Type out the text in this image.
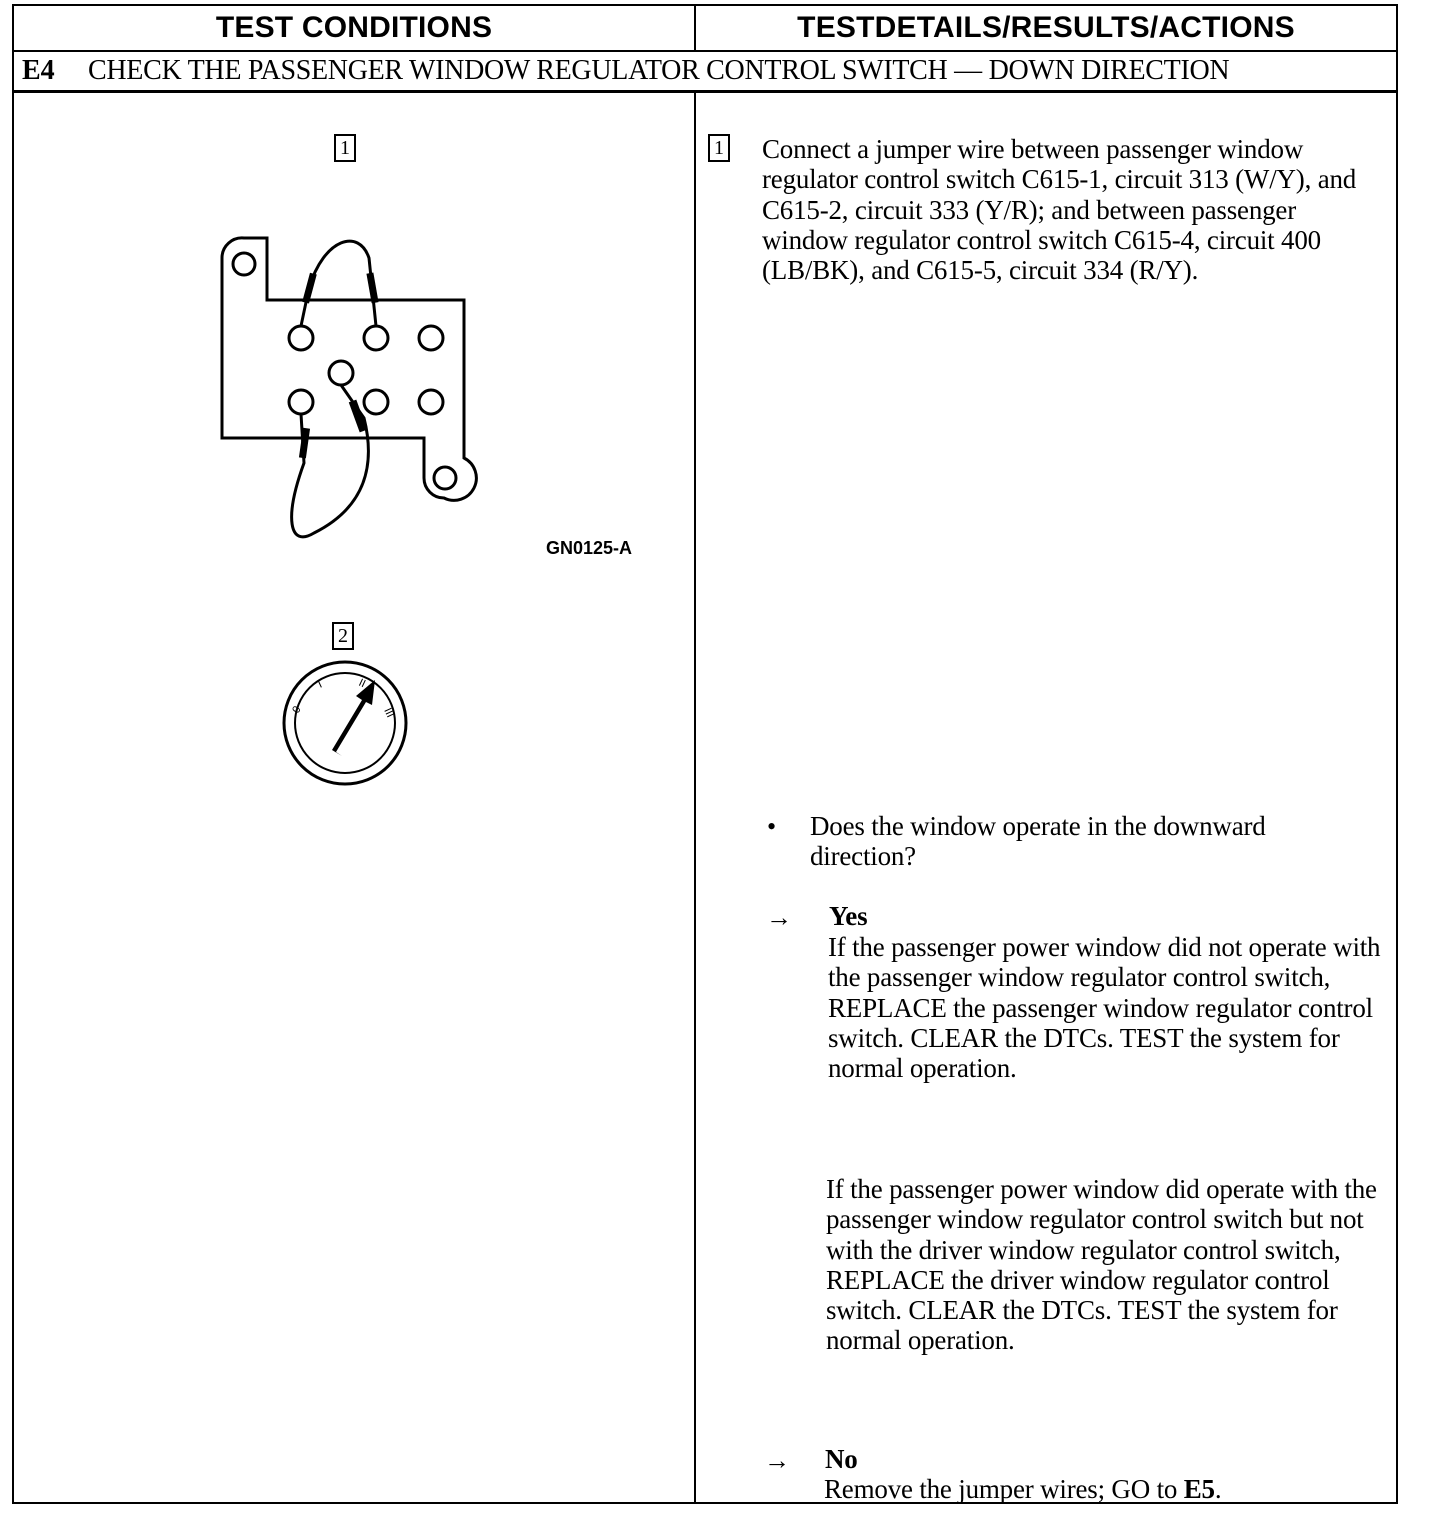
TEST CONDITIONS	TESTDETAILS/RESULTS/ACTIONS
E4	CHECK THE PASSENGER WINDOW REGULATOR CONTROL SWITCH — DOWN DIRECTION
1
GN0125-A
2
0
I	II
III
1 Connect a jumper wire between passenger window regulator control switch C615-1, circuit 313 (W/Y), and C615-2, circuit 333 (Y/R); and between passenger window regulator control switch C615-4, circuit 400 (LB/BK), and C615-5, circuit 334 (R/Y).
• Does the window operate in the downward direction?
→ Yes
If the passenger power window did not operate with the passenger window regulator control switch, REPLACE the passenger window regulator control switch. CLEAR the DTCs. TEST the system for normal operation.
If the passenger power window did operate with the passenger window regulator control switch but not with the driver window regulator control switch, REPLACE the driver window regulator control switch. CLEAR the DTCs. TEST the system for normal operation.
→ No
Remove the jumper wires; GO to E5.
